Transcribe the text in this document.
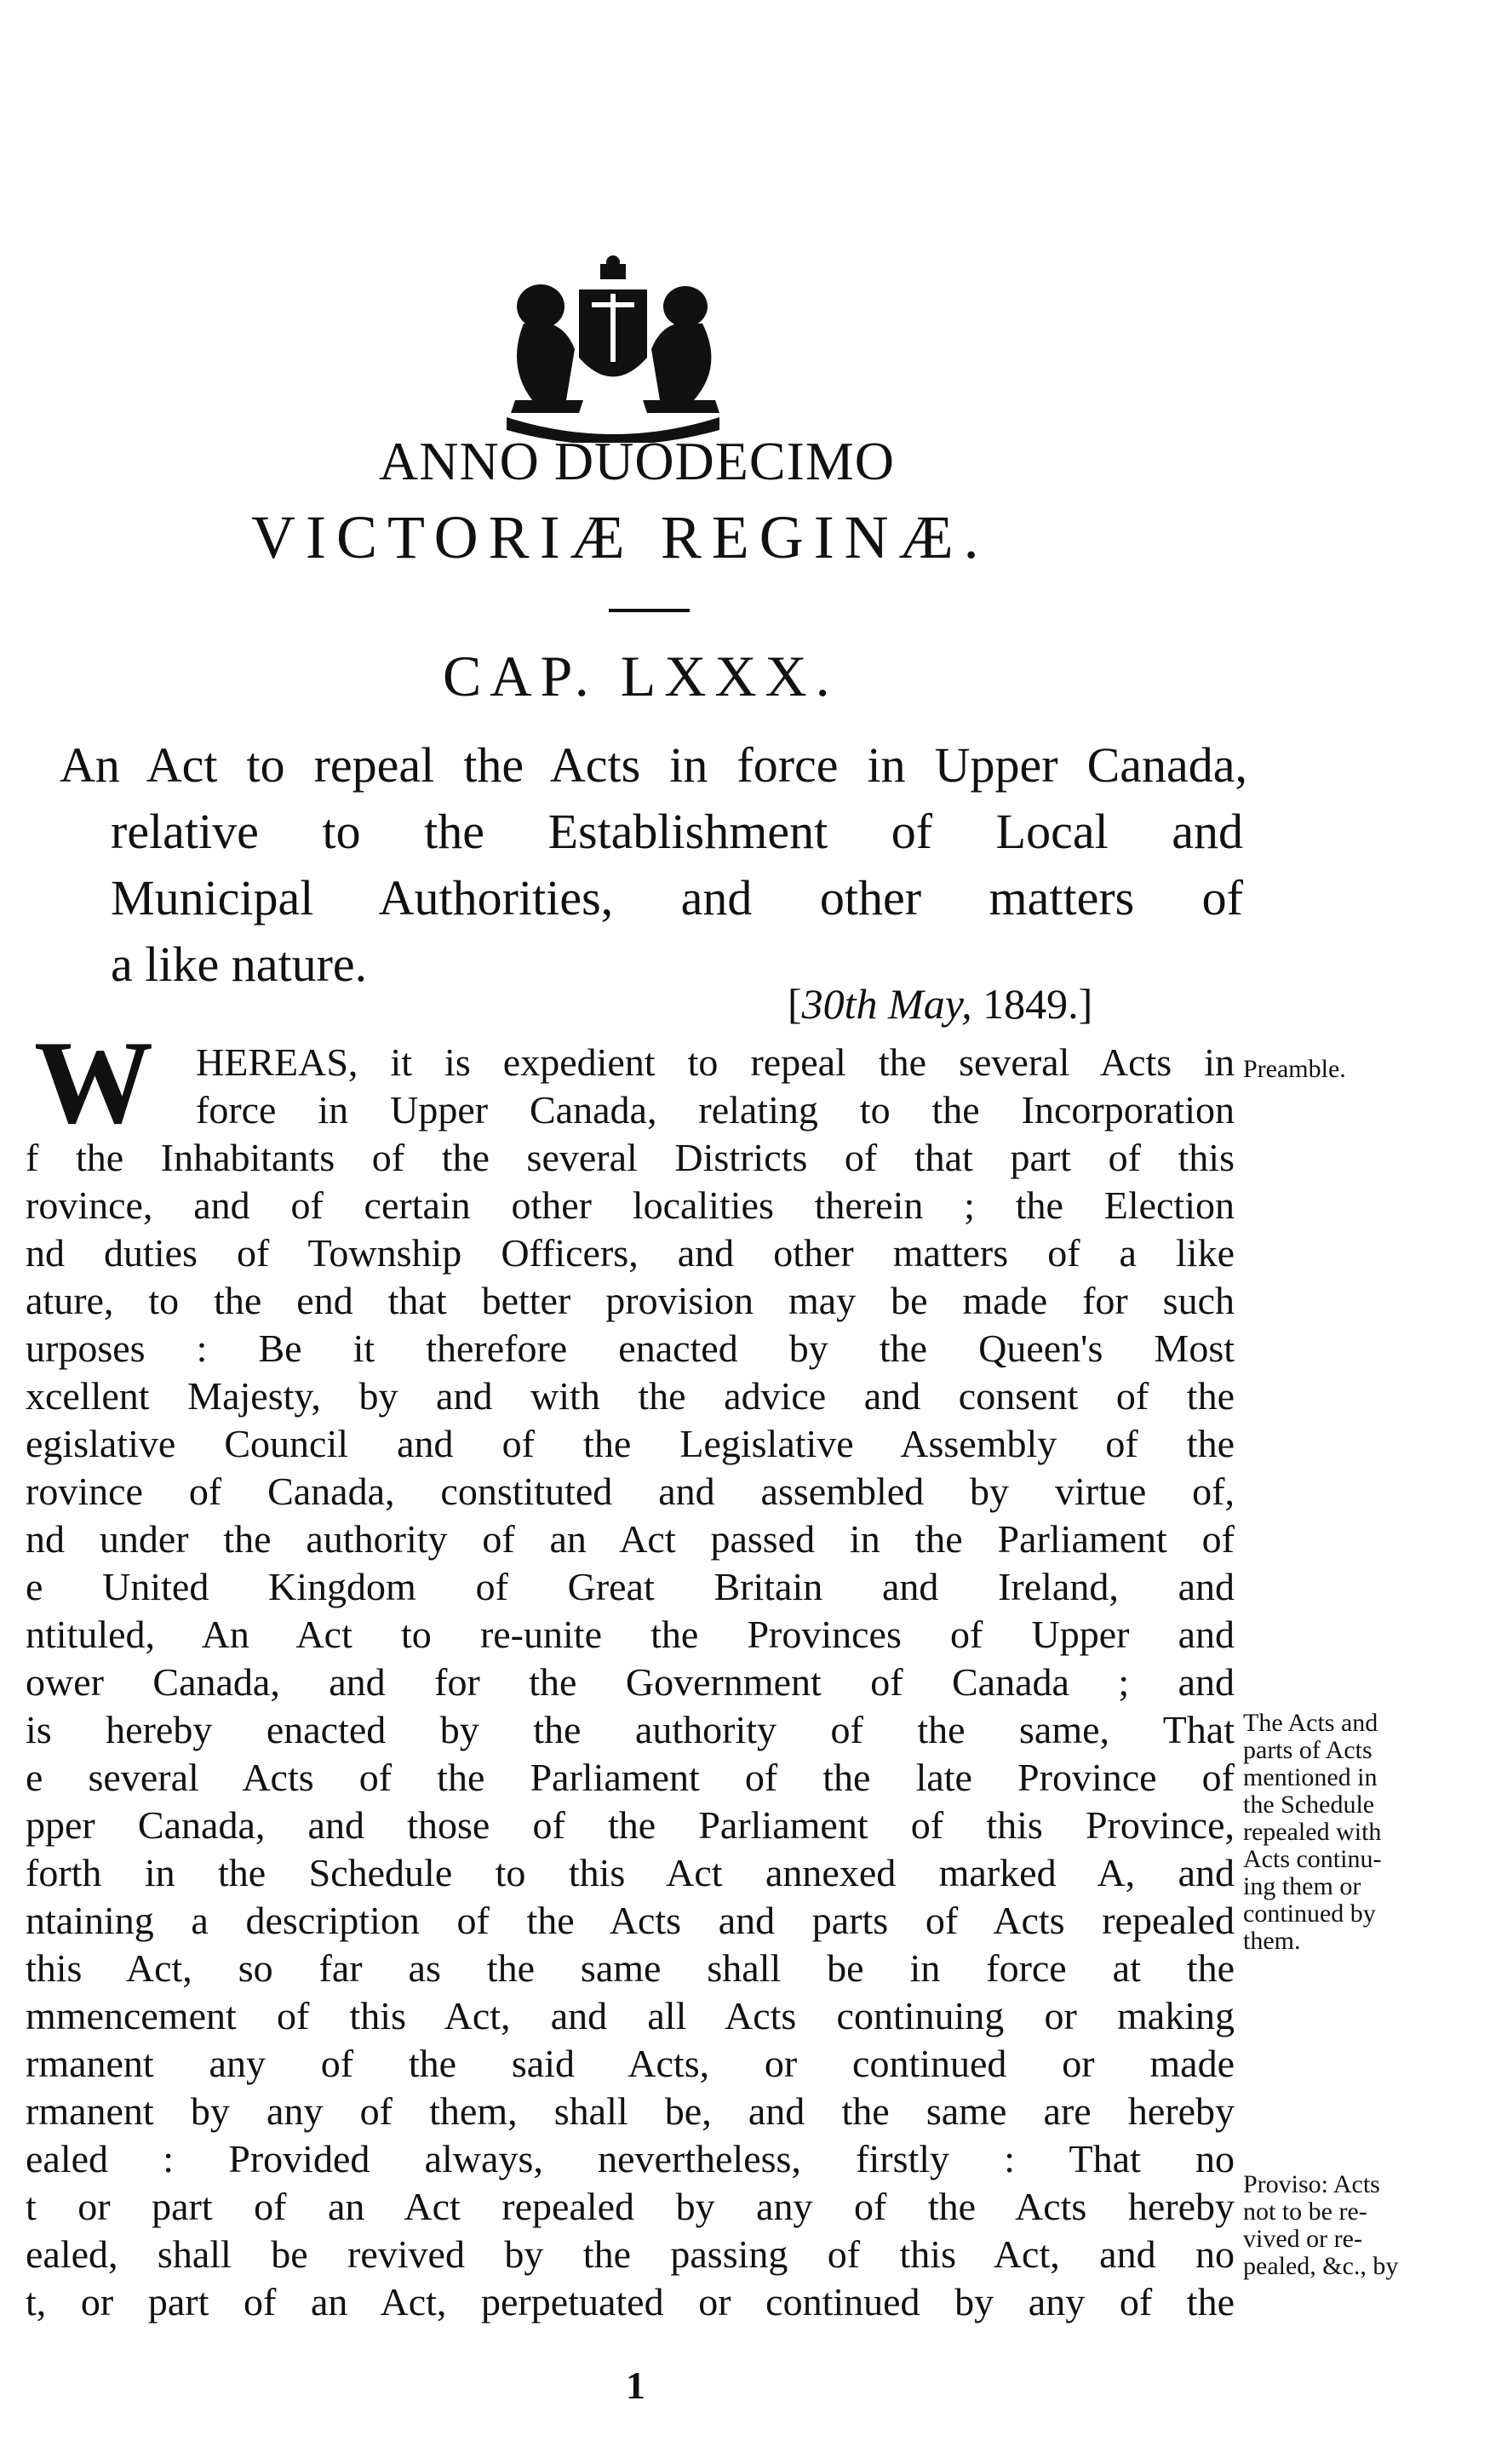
ANNO DUODECIMO
VICTORIÆ REGINÆ.
CAP. LXXX.
An Act to repeal the Acts in force in Upper Canada,
relative to the Establishment of Local and
Municipal Authorities, and other matters of
a like nature.
[30th May, 1849.]
W	HEREAS, it is expedient to repeal the several Acts in
force in Upper Canada, relating to the Incorporation
f the Inhabitants of the several Districts of that part of this
rovince, and of certain other localities therein ; the Election
nd duties of Township Officers, and other matters of a like
ature, to the end that better provision may be made for such
urposes : Be it therefore enacted by the Queen's Most
xcellent Majesty, by and with the advice and consent of the
egislative Council and of the Legislative Assembly of the
rovince of Canada, constituted and assembled by virtue of,
nd under the authority of an Act passed in the Parliament of
e United Kingdom of Great Britain and Ireland, and
ntituled, An Act to re-unite the Provinces of Upper and
ower Canada, and for the Government of Canada ; and
is hereby enacted by the authority of the same, That
e several Acts of the Parliament of the late Province of
pper Canada, and those of the Parliament of this Province,
forth in the Schedule to this Act annexed marked A, and
ntaining a description of the Acts and parts of Acts repealed
this Act, so far as the same shall be in force at the
mmencement of this Act, and all Acts continuing or making
rmanent any of the said Acts, or continued or made
rmanent by any of them, shall be, and the same are hereby
ealed : Provided always, nevertheless, firstly : That no
t or part of an Act repealed by any of the Acts hereby
ealed, shall be revived by the passing of this Act, and no
t, or part of an Act, perpetuated or continued by any of the
Preamble.
The Acts and
parts of Acts
mentioned in
the Schedule
repealed with
Acts continu-
ing them or
continued by
them.
Proviso: Acts
not to be re-
vived or re-
pealed, &c., by
1
